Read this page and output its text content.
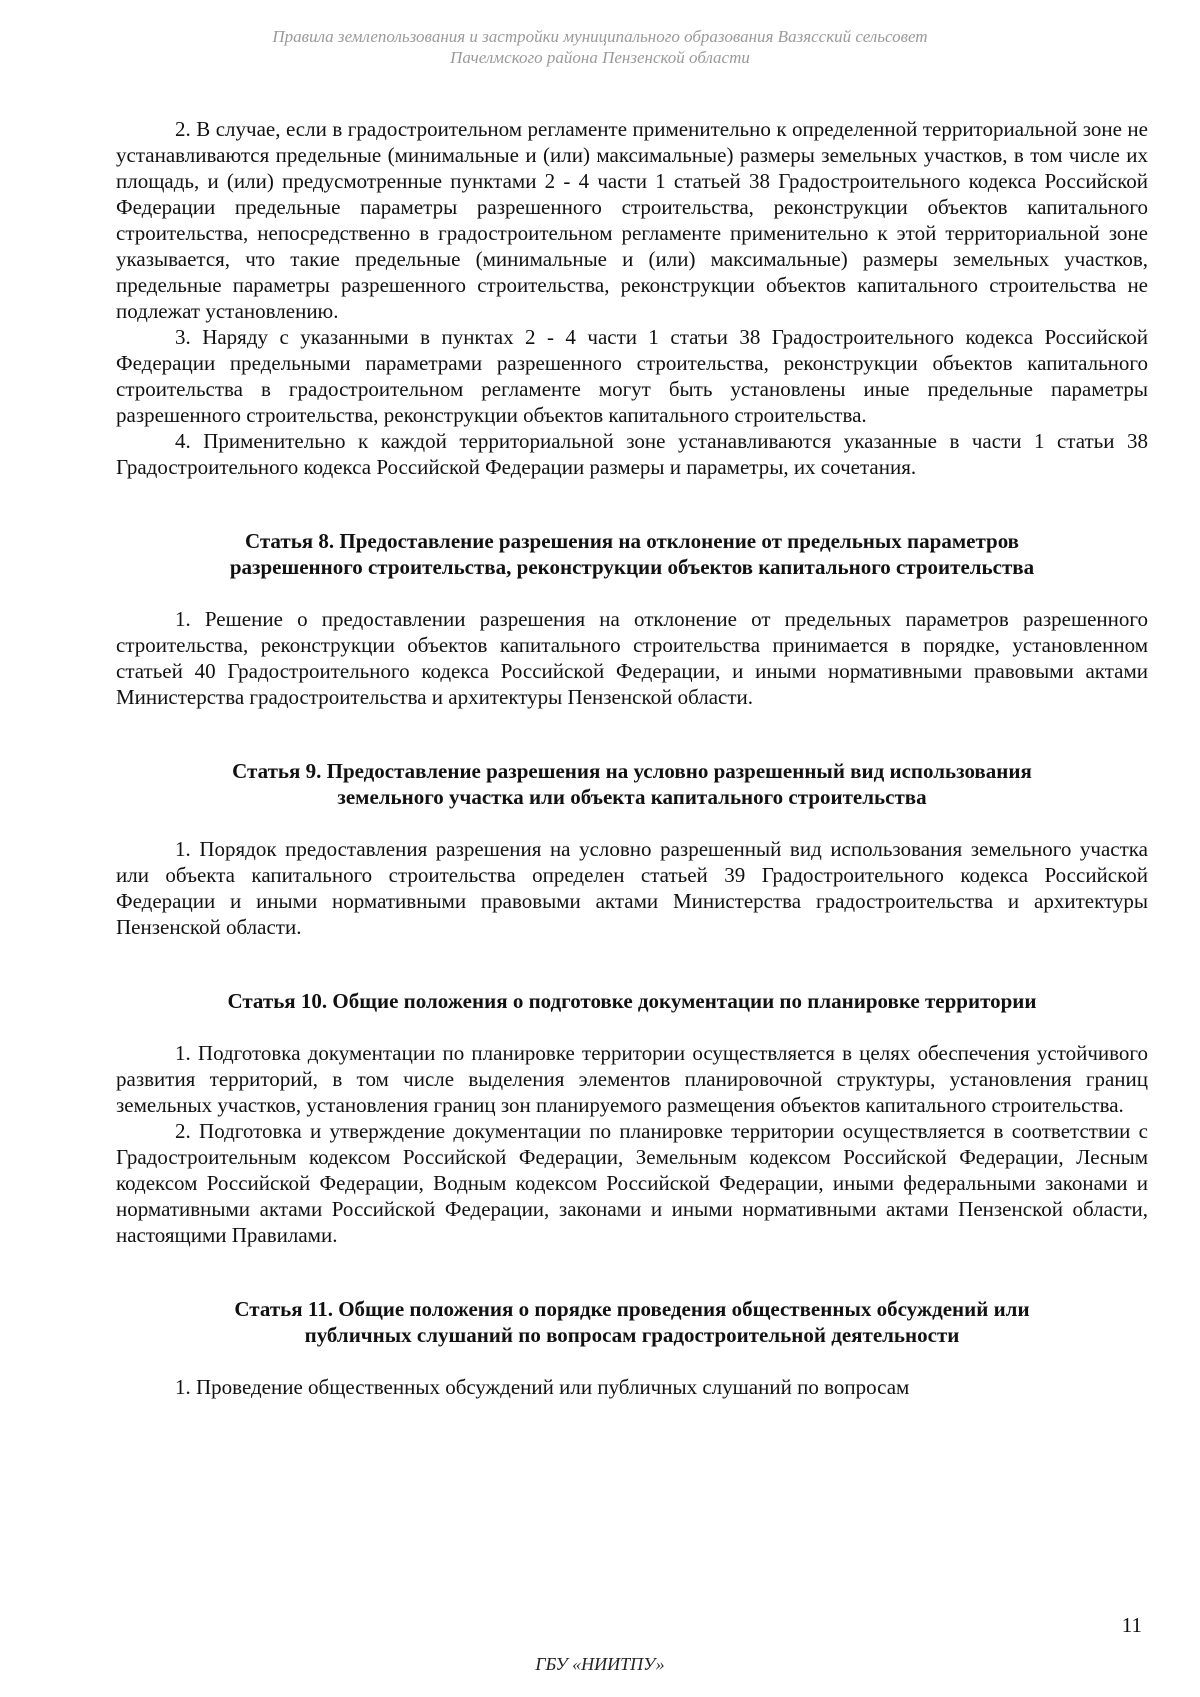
Правила землепользования и застройки муниципального образования Вазясский сельсовет
Пачелмского района Пензенской области

2. В случае, если в градостроительном регламенте применительно к определенной территориальной зоне не устанавливаются предельные (минимальные и (или) максимальные) размеры земельных участков, в том числе их площадь, и (или) предусмотренные пунктами 2 - 4 части 1 статьей 38 Градостроительного кодекса Российской Федерации предельные параметры разрешенного строительства, реконструкции объектов капитального строительства, непосредственно в градостроительном регламенте применительно к этой территориальной зоне указывается, что такие предельные (минимальные и (или) максимальные) размеры земельных участков, предельные параметры разрешенного строительства, реконструкции объектов капитального строительства не подлежат установлению.

3. Наряду с указанными в пунктах 2 - 4 части 1 статьи 38 Градостроительного кодекса Российской Федерации предельными параметрами разрешенного строительства, реконструкции объектов капитального строительства в градостроительном регламенте могут быть установлены иные предельные параметры разрешенного строительства, реконструкции объектов капитального строительства.

4. Применительно к каждой территориальной зоне устанавливаются указанные в части 1 статьи 38 Градостроительного кодекса Российской Федерации размеры и параметры, их сочетания.

Статья 8. Предоставление разрешения на отклонение от предельных параметров
разрешенного строительства, реконструкции объектов капитального строительства

1. Решение о предоставлении разрешения на отклонение от предельных параметров разрешенного строительства, реконструкции объектов капитального строительства принимается в порядке, установленном статьей 40 Градостроительного кодекса Российской Федерации, и иными нормативными правовыми актами Министерства градостроительства и архитектуры Пензенской области.

Статья 9. Предоставление разрешения на условно разрешенный вид использования
земельного участка или объекта капитального строительства

1. Порядок предоставления разрешения на условно разрешенный вид использования земельного участка или объекта капитального строительства определен статьей 39 Градостроительного кодекса Российской Федерации и иными нормативными правовыми актами Министерства градостроительства и архитектуры Пензенской области.

Статья 10. Общие положения о подготовке документации по планировке территории

1. Подготовка документации по планировке территории осуществляется в целях обеспечения устойчивого развития территорий, в том числе выделения элементов планировочной структуры, установления границ земельных участков, установления границ зон планируемого размещения объектов капитального строительства.

2. Подготовка и утверждение документации по планировке территории осуществляется в соответствии с Градостроительным кодексом Российской Федерации, Земельным кодексом Российской Федерации, Лесным кодексом Российской Федерации, Водным кодексом Российской Федерации, иными федеральными законами и нормативными актами Российской Федерации, законами и иными нормативными актами Пензенской области, настоящими Правилами.

Статья 11. Общие положения о порядке проведения общественных обсуждений или
публичных слушаний по вопросам градостроительной деятельности

1. Проведение общественных обсуждений или публичных слушаний по вопросам

11
ГБУ «НИИТПУ»
